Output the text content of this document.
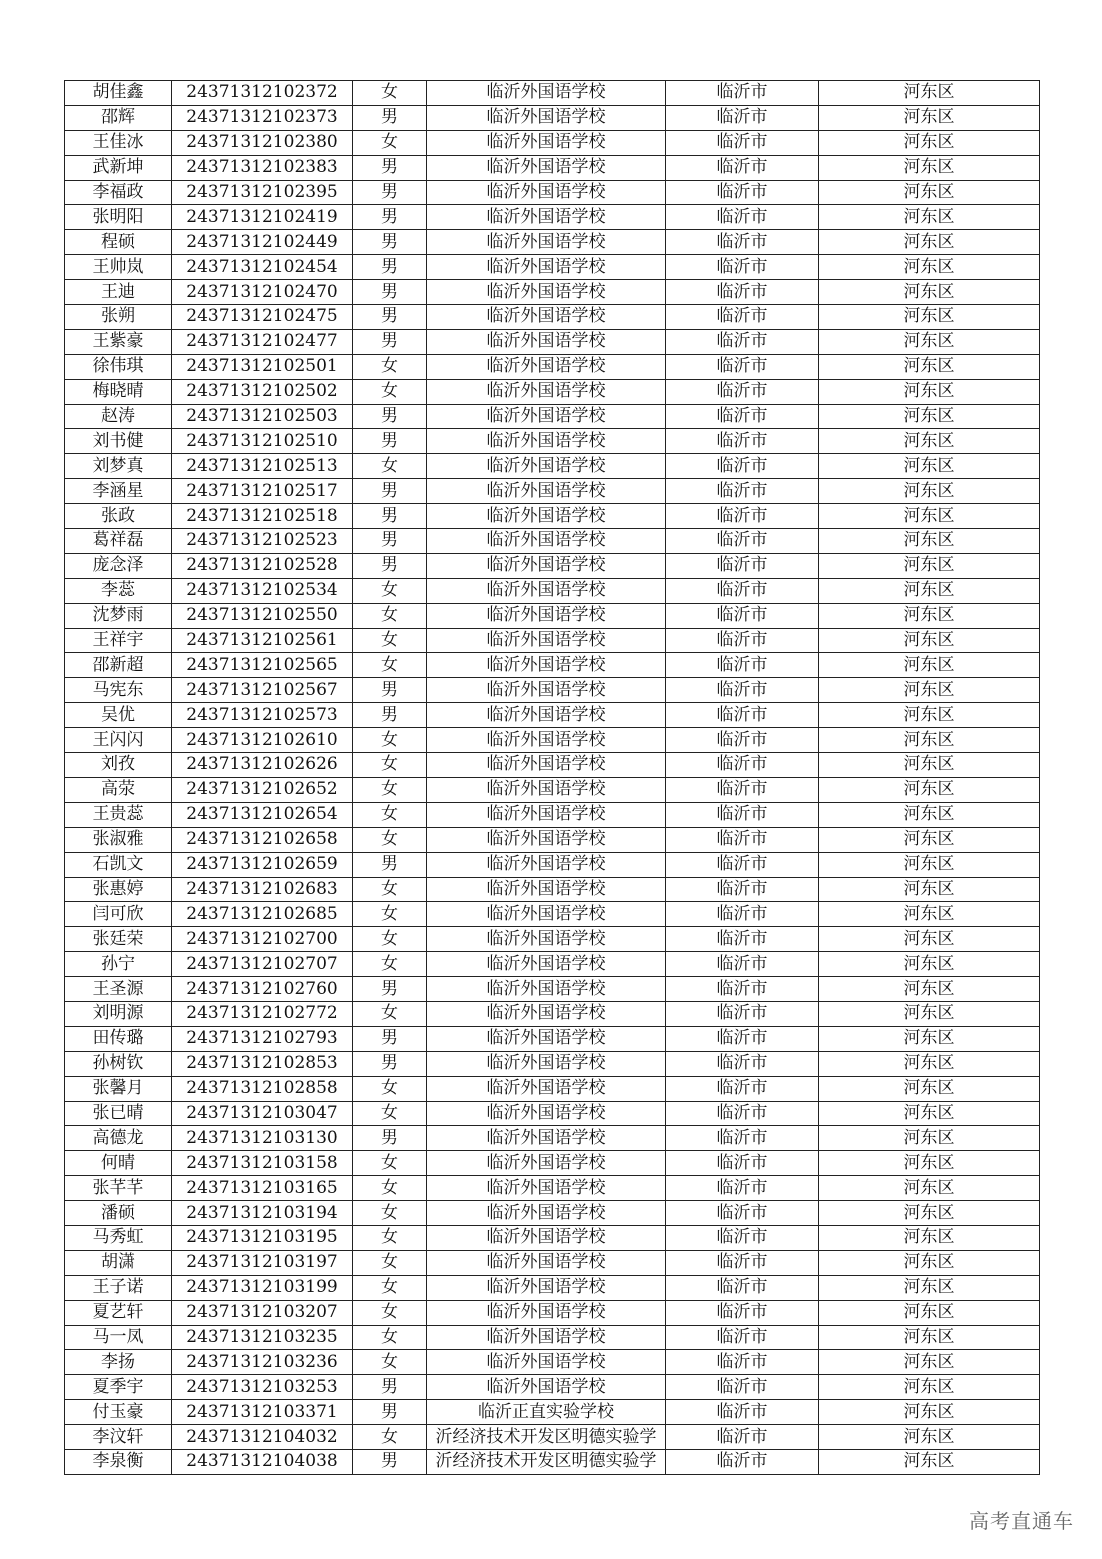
胡佳鑫	24371312102372	女	临沂外国语学校	临沂市	河东区
邵辉	24371312102373	男	临沂外国语学校	临沂市	河东区
王佳冰	24371312102380	女	临沂外国语学校	临沂市	河东区
武新坤	24371312102383	男	临沂外国语学校	临沂市	河东区
李福政	24371312102395	男	临沂外国语学校	临沂市	河东区
张明阳	24371312102419	男	临沂外国语学校	临沂市	河东区
程硕	24371312102449	男	临沂外国语学校	临沂市	河东区
王帅岚	24371312102454	男	临沂外国语学校	临沂市	河东区
王迪	24371312102470	男	临沂外国语学校	临沂市	河东区
张朔	24371312102475	男	临沂外国语学校	临沂市	河东区
王紫豪	24371312102477	男	临沂外国语学校	临沂市	河东区
徐伟琪	24371312102501	女	临沂外国语学校	临沂市	河东区
梅晓晴	24371312102502	女	临沂外国语学校	临沂市	河东区
赵涛	24371312102503	男	临沂外国语学校	临沂市	河东区
刘书健	24371312102510	男	临沂外国语学校	临沂市	河东区
刘梦真	24371312102513	女	临沂外国语学校	临沂市	河东区
李涵星	24371312102517	男	临沂外国语学校	临沂市	河东区
张政	24371312102518	男	临沂外国语学校	临沂市	河东区
葛祥磊	24371312102523	男	临沂外国语学校	临沂市	河东区
庞念泽	24371312102528	男	临沂外国语学校	临沂市	河东区
李蕊	24371312102534	女	临沂外国语学校	临沂市	河东区
沈梦雨	24371312102550	女	临沂外国语学校	临沂市	河东区
王祥宇	24371312102561	女	临沂外国语学校	临沂市	河东区
邵新超	24371312102565	女	临沂外国语学校	临沂市	河东区
马宪东	24371312102567	男	临沂外国语学校	临沂市	河东区
吴优	24371312102573	男	临沂外国语学校	临沂市	河东区
王闪闪	24371312102610	女	临沂外国语学校	临沂市	河东区
刘孜	24371312102626	女	临沂外国语学校	临沂市	河东区
高荥	24371312102652	女	临沂外国语学校	临沂市	河东区
王贵蕊	24371312102654	女	临沂外国语学校	临沂市	河东区
张淑雅	24371312102658	女	临沂外国语学校	临沂市	河东区
石凯文	24371312102659	男	临沂外国语学校	临沂市	河东区
张惠婷	24371312102683	女	临沂外国语学校	临沂市	河东区
闫可欣	24371312102685	女	临沂外国语学校	临沂市	河东区
张廷荣	24371312102700	女	临沂外国语学校	临沂市	河东区
孙宁	24371312102707	女	临沂外国语学校	临沂市	河东区
王圣源	24371312102760	男	临沂外国语学校	临沂市	河东区
刘明源	24371312102772	女	临沂外国语学校	临沂市	河东区
田传璐	24371312102793	男	临沂外国语学校	临沂市	河东区
孙树钦	24371312102853	男	临沂外国语学校	临沂市	河东区
张馨月	24371312102858	女	临沂外国语学校	临沂市	河东区
张已晴	24371312103047	女	临沂外国语学校	临沂市	河东区
高德龙	24371312103130	男	临沂外国语学校	临沂市	河东区
何晴	24371312103158	女	临沂外国语学校	临沂市	河东区
张芊芊	24371312103165	女	临沂外国语学校	临沂市	河东区
潘硕	24371312103194	女	临沂外国语学校	临沂市	河东区
马秀虹	24371312103195	女	临沂外国语学校	临沂市	河东区
胡潇	24371312103197	女	临沂外国语学校	临沂市	河东区
王子诺	24371312103199	女	临沂外国语学校	临沂市	河东区
夏艺轩	24371312103207	女	临沂外国语学校	临沂市	河东区
马一凤	24371312103235	女	临沂外国语学校	临沂市	河东区
李扬	24371312103236	女	临沂外国语学校	临沂市	河东区
夏季宇	24371312103253	男	临沂外国语学校	临沂市	河东区
付玉豪	24371312103371	男	临沂正直实验学校	临沂市	河东区
李汶轩	24371312104032	女	沂经济技术开发区明德实验学	临沂市	河东区
李泉衡	24371312104038	男	沂经济技术开发区明德实验学	临沂市	河东区
高考直通车
